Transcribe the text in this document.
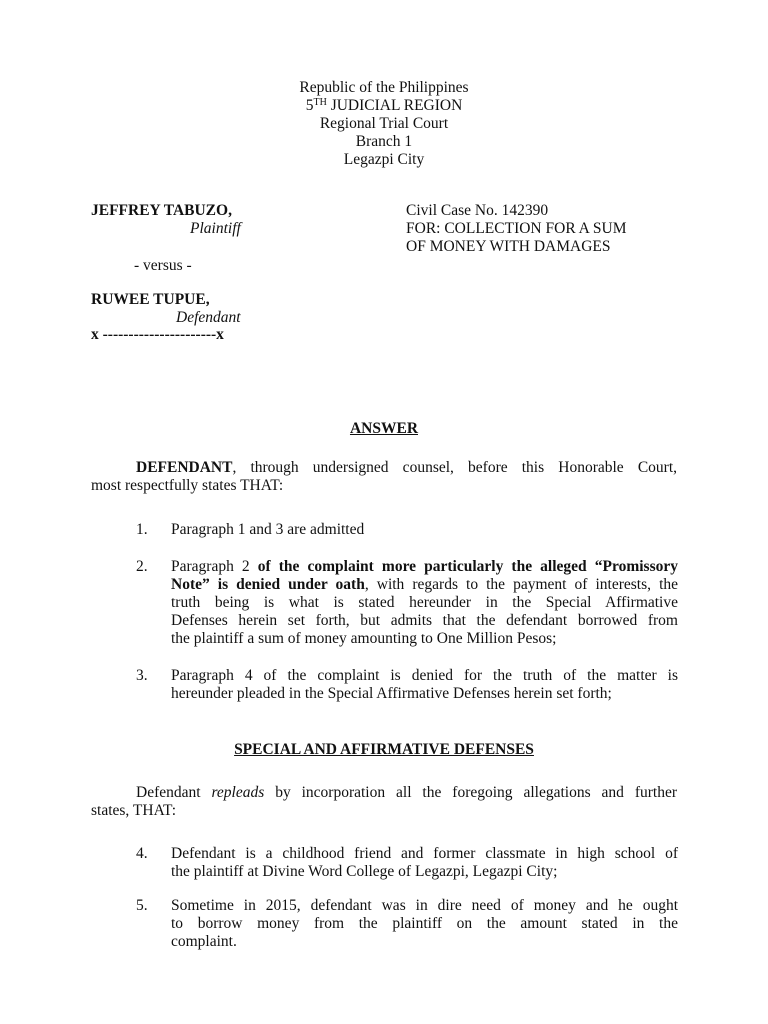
Republic of the Philippines
5TH JUDICIAL REGION
Regional Trial Court
Branch 1
Legazpi City
JEFFREY TABUZO,
Plaintiff
- versus -
RUWEE TUPUE,
Defendant
x ----------------------x
Civil Case No. 142390
FOR: COLLECTION FOR A SUM
OF MONEY WITH DAMAGES
ANSWER
DEFENDANT, through undersigned counsel, before this Honorable Court,
most respectfully states THAT:
1. Paragraph 1 and 3 are admitted
2. Paragraph 2 of the complaint more particularly the alleged “Promissory
Note” is denied under oath, with regards to the payment of interests, the
truth being is what is stated hereunder in the Special Affirmative
Defenses herein set forth, but admits that the defendant borrowed from
the plaintiff a sum of money amounting to One Million Pesos;
3. Paragraph 4 of the complaint is denied for the truth of the matter is
hereunder pleaded in the Special Affirmative Defenses herein set forth;
SPECIAL AND AFFIRMATIVE DEFENSES
Defendant repleads by incorporation all the foregoing allegations and further
states, THAT:
4. Defendant is a childhood friend and former classmate in high school of
the plaintiff at Divine Word College of Legazpi, Legazpi City;
5. Sometime in 2015, defendant was in dire need of money and he ought
to borrow money from the plaintiff on the amount stated in the
complaint.
